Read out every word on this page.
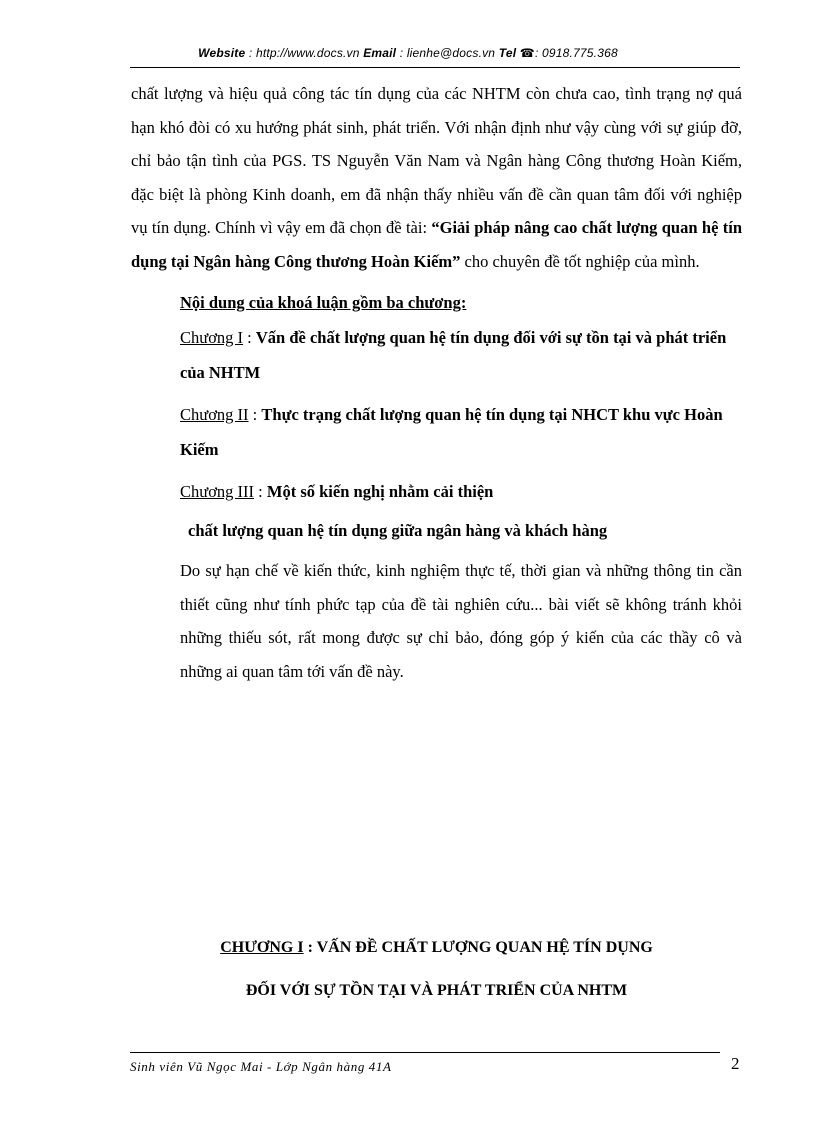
Website : http://www.docs.vn Email : lienhe@docs.vn Tel ☎: 0918.775.368

chất lượng và hiệu quả công tác tín dụng của các NHTM còn chưa cao, tình trạng nợ quá hạn khó đòi có xu hướng phát sinh, phát triển. Với nhận định như vậy cùng với sự giúp đỡ, chỉ bảo tận tình của PGS. TS Nguyễn Văn Nam và Ngân hàng Công thương Hoàn Kiếm, đặc biệt là phòng Kinh doanh, em đã nhận thấy nhiều vấn đề cần quan tâm đối với nghiệp vụ tín dụng. Chính vì vậy em đã chọn đề tài: “Giải pháp nâng cao chất lượng quan hệ tín dụng tại Ngân hàng Công thương Hoàn Kiếm” cho chuyên đề tốt nghiệp của mình.

Nội dung của khoá luận gồm ba chương:

Chương I : Vấn đề chất lượng quan hệ tín dụng đối với sự tồn tại và phát triển của NHTM

Chương II : Thực trạng chất lượng quan hệ tín dụng tại NHCT khu vực Hoàn Kiếm

Chương III : Một số kiến nghị nhằm cải thiện

chất lượng quan hệ tín dụng giữa ngân hàng và khách hàng

Do sự hạn chế về kiến thức, kinh nghiệm thực tế, thời gian và những thông tin cần thiết cũng như tính phức tạp của đề tài nghiên cứu... bài viết sẽ không tránh khỏi những thiếu sót, rất mong được sự chỉ bảo, đóng góp ý kiến của các thầy cô và những ai quan tâm tới vấn đề này.

CHƯƠNG I : VẤN ĐỀ CHẤT LƯỢNG QUAN HỆ TÍN DỤNG
ĐỐI VỚI SỰ TỒN TẠI VÀ PHÁT TRIỂN CỦA NHTM
Sinh viên Vũ Ngọc Mai - Lớp Ngân hàng 41A	2
